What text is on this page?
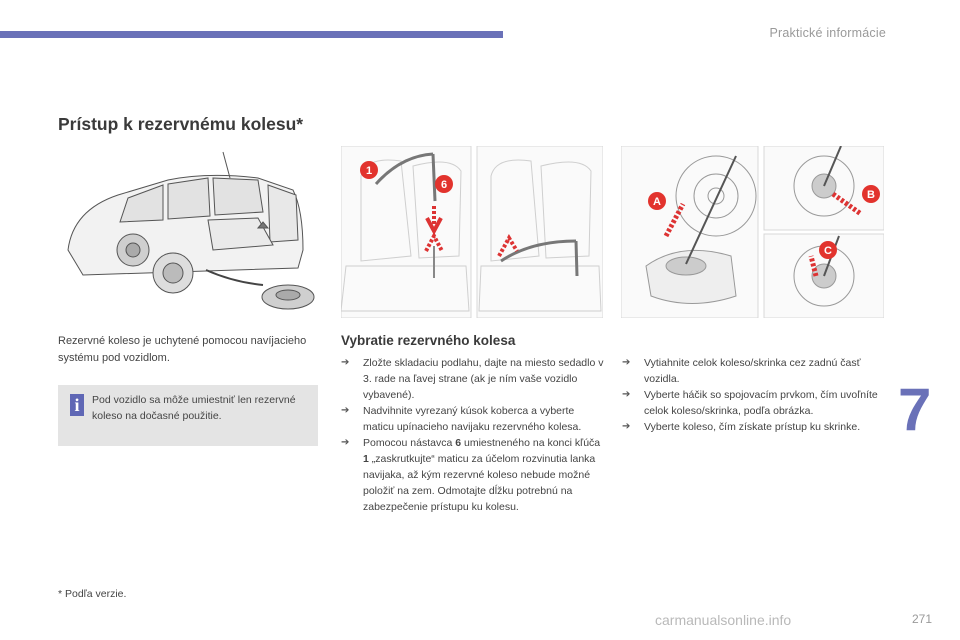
Praktické informácie
7
Prístup k rezervnému kolesu*
1
6
A
B
C

Rezervné koleso je uchytené pomocou navíjacieho systému pod vozidlom.

i	Pod vozidlo sa môže umiestniť len rezervné koleso na dočasné použitie.
Vybratie rezervného kolesa
➔ Zložte skladaciu podlahu, dajte na miesto sedadlo v 3. rade na ľavej strane (ak je ním vaše vozidlo vybavené).
➔ Nadvihnite vyrezaný kúsok koberca a vyberte maticu upínacieho navijaku rezervného kolesa.
➔ Pomocou nástavca 6 umiestneného na konci kľúča 1 „zaskrutkujte“ maticu za účelom rozvinutia lanka navijaka, až kým rezervné koleso nebude možné položiť na zem. Odmotajte dĺžku potrebnú na zabezpečenie prístupu ku kolesu.
➔ Vytiahnite celok koleso/skrinka cez zadnú časť vozidla.
➔ Vyberte háčik so spojovacím prvkom, čím uvoľníte celok koleso/skrinka, podľa obrázka.
➔ Vyberte koleso, čím získate prístup ku skrinke.
* Podľa verzie.
carmanualsonline.info	271
